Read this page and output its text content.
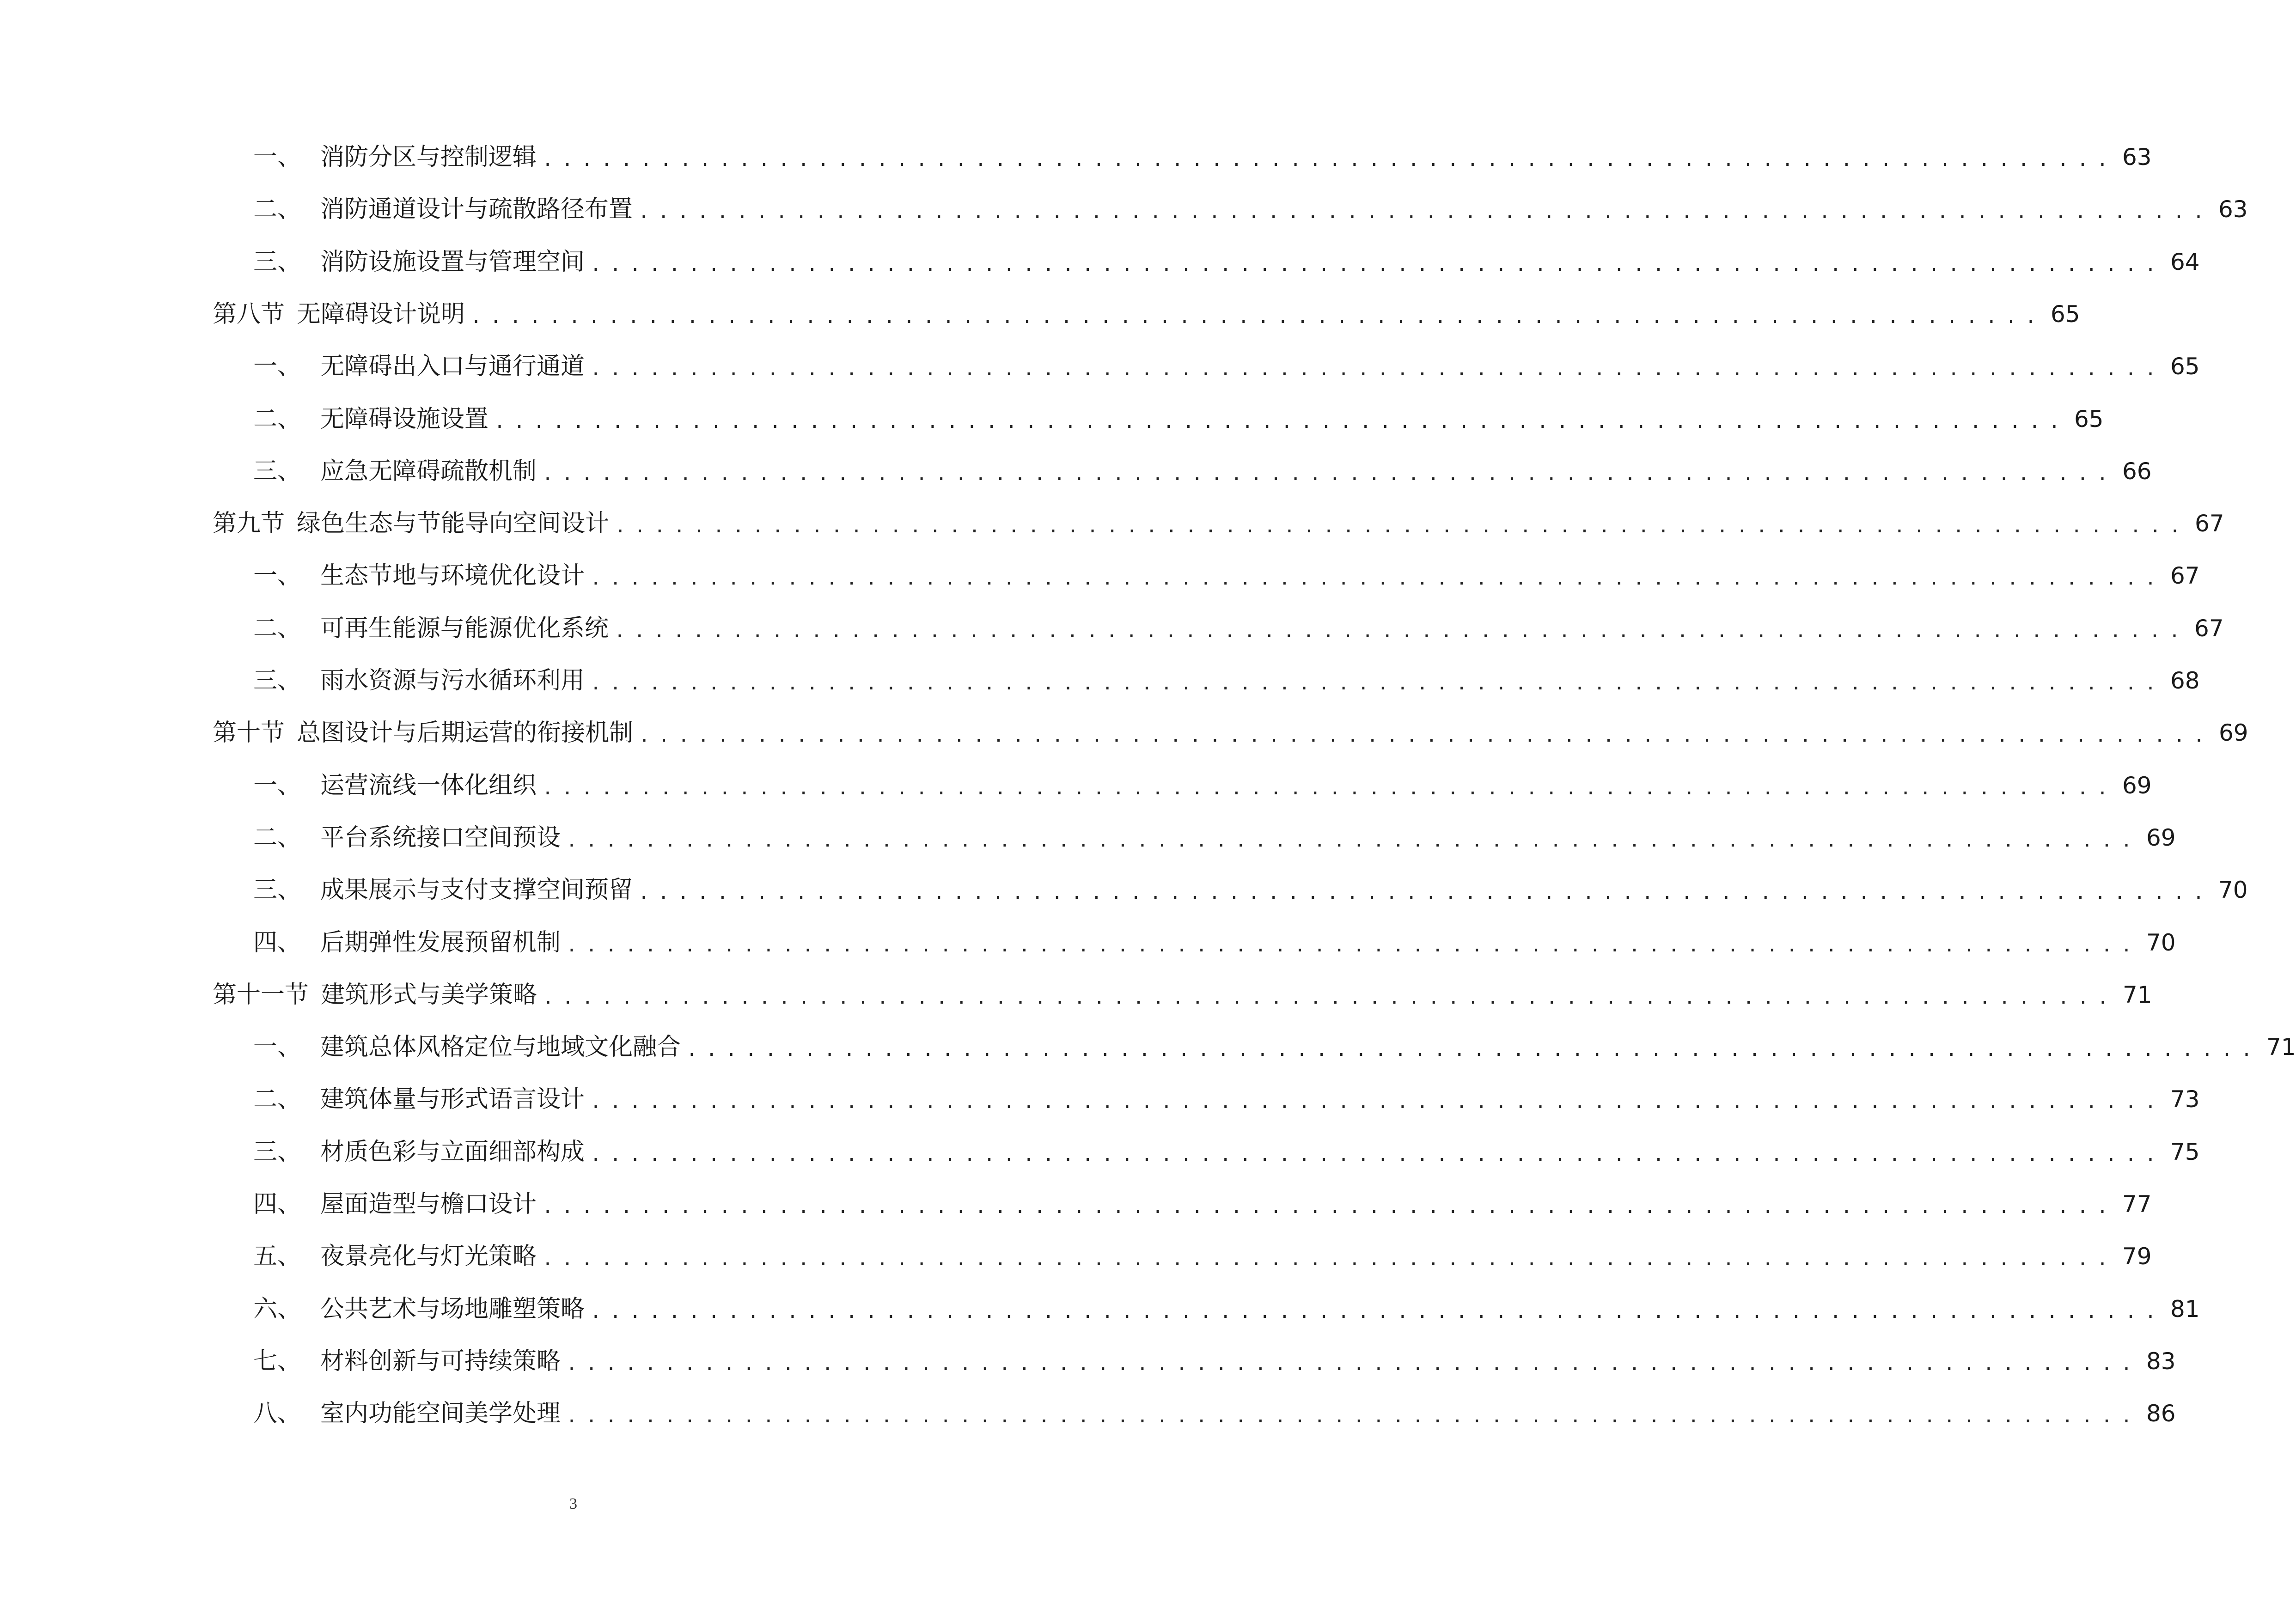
一、 消防分区与控制逻辑 ................................................................................ 63
二、 消防通道设计与疏散路径布置 ................................................................................ 63
三、 消防设施设置与管理空间 ................................................................................ 64
第八节 无障碍设计说明 ................................................................................ 65
一、 无障碍出入口与通行通道 ................................................................................ 65
二、 无障碍设施设置 ................................................................................ 65
三、 应急无障碍疏散机制 ................................................................................ 66
第九节 绿色生态与节能导向空间设计 ................................................................................ 67
一、 生态节地与环境优化设计 ................................................................................ 67
二、 可再生能源与能源优化系统 ................................................................................ 67
三、 雨水资源与污水循环利用 ................................................................................ 68
第十节 总图设计与后期运营的衔接机制 ................................................................................ 69
一、 运营流线一体化组织 ................................................................................ 69
二、 平台系统接口空间预设 ................................................................................ 69
三、 成果展示与支付支撑空间预留 ................................................................................ 70
四、 后期弹性发展预留机制 ................................................................................ 70
第十一节 建筑形式与美学策略 ................................................................................ 71
一、 建筑总体风格定位与地域文化融合 ................................................................................ 71
二、 建筑体量与形式语言设计 ................................................................................ 73
三、 材质色彩与立面细部构成 ................................................................................ 75
四、 屋面造型与檐口设计 ................................................................................ 77
五、 夜景亮化与灯光策略 ................................................................................ 79
六、 公共艺术与场地雕塑策略 ................................................................................ 81
七、 材料创新与可持续策略 ................................................................................ 83
八、 室内功能空间美学处理 ................................................................................ 86
3
